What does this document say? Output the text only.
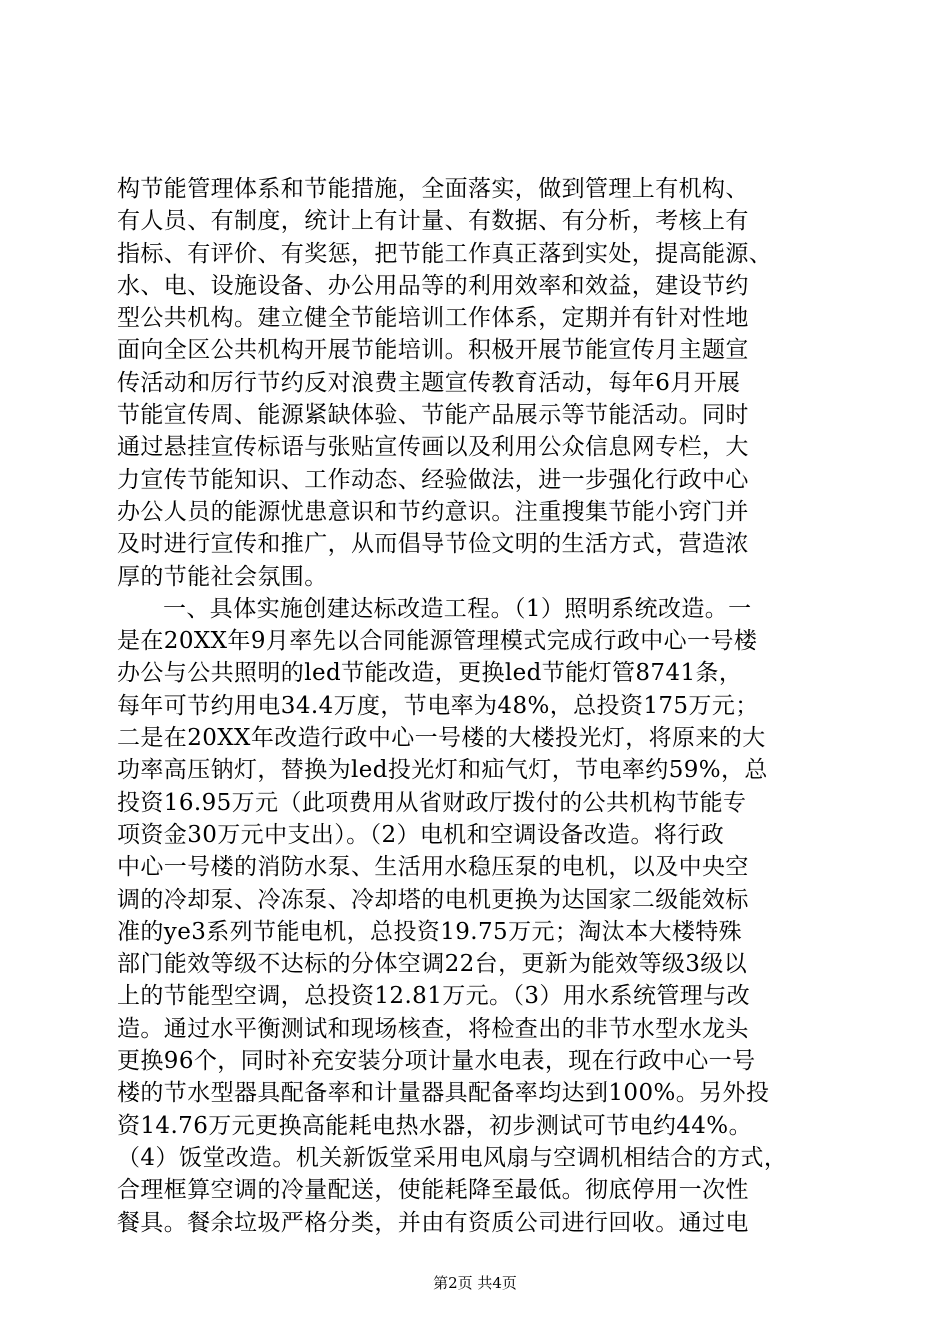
构节能管理体系和节能措施，全面落实，做到管理上有机构、
有人员、有制度，统计上有计量、有数据、有分析，考核上有
指标、有评价、有奖惩，把节能工作真正落到实处，提高能源、
水、电、设施设备、办公用品等的利用效率和效益，建设节约
型公共机构。建立健全节能培训工作体系，定期并有针对性地
面向全区公共机构开展节能培训。积极开展节能宣传月主题宣
传活动和厉行节约反对浪费主题宣传教育活动，每年6月开展
节能宣传周、能源紧缺体验、节能产品展示等节能活动。同时
通过悬挂宣传标语与张贴宣传画以及利用公众信息网专栏，大
力宣传节能知识、工作动态、经验做法，进一步强化行政中心
办公人员的能源忧患意识和节约意识。注重搜集节能小窍门并
及时进行宣传和推广，从而倡导节俭文明的生活方式，营造浓
厚的节能社会氛围。
一、具体实施创建达标改造工程。（1）照明系统改造。一
是在20XX年9月率先以合同能源管理模式完成行政中心一号楼
办公与公共照明的led节能改造，更换led节能灯管8741条，
每年可节约用电34.4万度，节电率为48%，总投资175万元；
二是在20XX年改造行政中心一号楼的大楼投光灯，将原来的大
功率高压钠灯，替换为led投光灯和疝气灯，节电率约59%，总
投资16.95万元（此项费用从省财政厅拨付的公共机构节能专
项资金30万元中支出）。（2）电机和空调设备改造。将行政
中心一号楼的消防水泵、生活用水稳压泵的电机，以及中央空
调的冷却泵、冷冻泵、冷却塔的电机更换为达国家二级能效标
准的ye3系列节能电机，总投资19.75万元；淘汰本大楼特殊
部门能效等级不达标的分体空调22台，更新为能效等级3级以
上的节能型空调，总投资12.81万元。（3）用水系统管理与改
造。通过水平衡测试和现场核查，将检查出的非节水型水龙头
更换96个，同时补充安装分项计量水电表，现在行政中心一号
楼的节水型器具配备率和计量器具配备率均达到100%。另外投
资14.76万元更换高能耗电热水器，初步测试可节电约44%。
（4）饭堂改造。机关新饭堂采用电风扇与空调机相结合的方式，
合理框算空调的冷量配送，使能耗降至最低。彻底停用一次性
餐具。餐余垃圾严格分类，并由有资质公司进行回收。通过电
第2页 共4页
